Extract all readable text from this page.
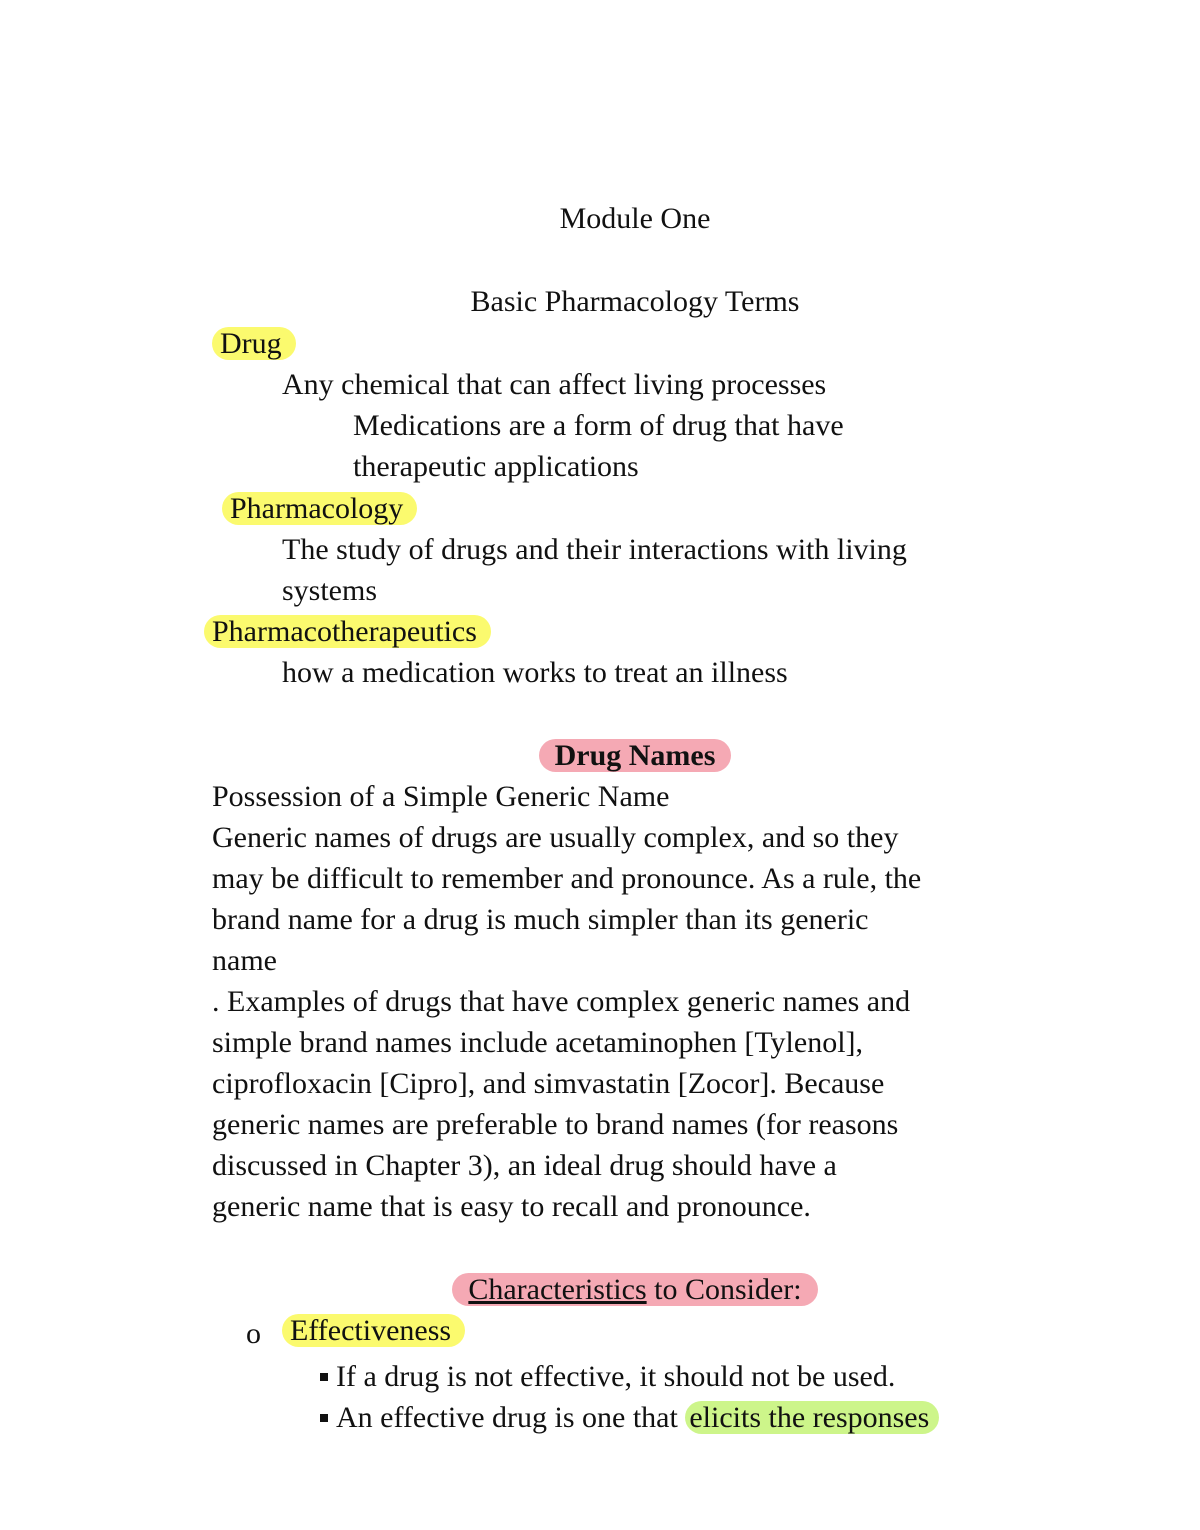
Module One
Basic Pharmacology Terms
Drug
Any chemical that can affect living processes
Medications are a form of drug that have
therapeutic applications
Pharmacology
The study of drugs and their interactions with living
systems
Pharmacotherapeutics
how a medication works to treat an illness
Drug Names
Possession of a Simple Generic Name
Generic names of drugs are usually complex, and so they
may be difficult to remember and pronounce. As a rule, the
brand name for a drug is much simpler than its generic
name
. Examples of drugs that have complex generic names and
simple brand names include acetaminophen [Tylenol],
ciprofloxacin [Cipro], and simvastatin [Zocor]. Because
generic names are preferable to brand names (for reasons
discussed in Chapter 3), an ideal drug should have a
generic name that is easy to recall and pronounce.
Characteristics to Consider:
o Effectiveness
If a drug is not effective, it should not be used.
An effective drug is one that elicits the responses
